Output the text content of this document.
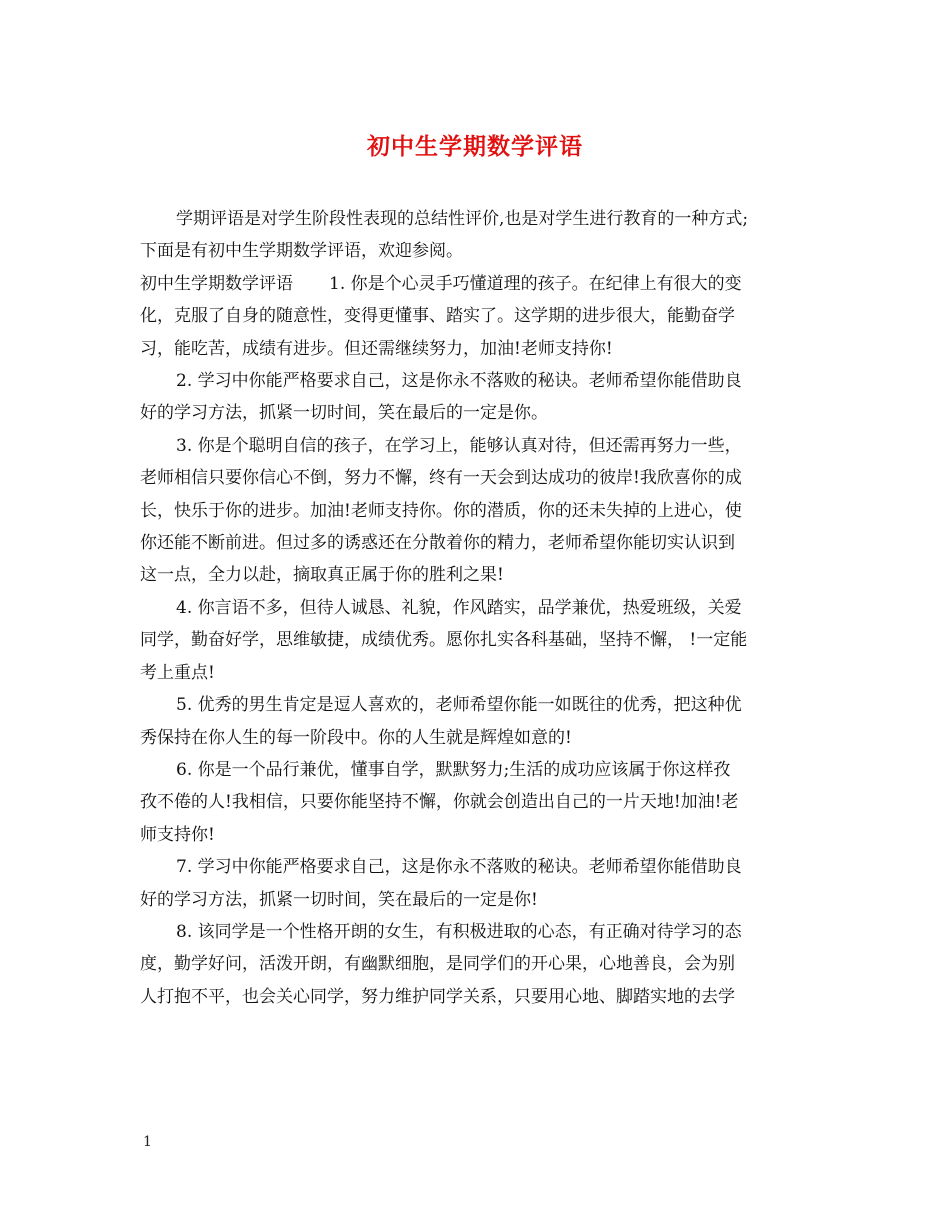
初中生学期数学评语
学期评语是对学生阶段性表现的总结性评价,也是对学生进行教育的一种方式;
下面是有初中生学期数学评语，欢迎参阅。
初中生学期数学评语 1. 你是个心灵手巧懂道理的孩子。在纪律上有很大的变
化，克服了自身的随意性，变得更懂事、踏实了。这学期的进步很大，能勤奋学
习，能吃苦，成绩有进步。但还需继续努力，加油!老师支持你!
2. 学习中你能严格要求自己，这是你永不落败的秘诀。老师希望你能借助良
好的学习方法，抓紧一切时间，笑在最后的一定是你。
3. 你是个聪明自信的孩子，在学习上，能够认真对待，但还需再努力一些，
老师相信只要你信心不倒，努力不懈，终有一天会到达成功的彼岸!我欣喜你的成
长，快乐于你的进步。加油!老师支持你。你的潜质，你的还未失掉的上进心，使
你还能不断前进。但过多的诱惑还在分散着你的精力，老师希望你能切实认识到
这一点，全力以赴，摘取真正属于你的胜利之果!
4. 你言语不多，但待人诚恳、礼貌，作风踏实，品学兼优，热爱班级，关爱
同学，勤奋好学，思维敏捷，成绩优秀。愿你扎实各科基础，坚持不懈， !一定能
考上重点!
5. 优秀的男生肯定是逗人喜欢的，老师希望你能一如既往的优秀，把这种优
秀保持在你人生的每一阶段中。你的人生就是辉煌如意的!
6. 你是一个品行兼优，懂事自学，默默努力;生活的成功应该属于你这样孜
孜不倦的人!我相信，只要你能坚持不懈，你就会创造出自己的一片天地!加油!老
师支持你!
7. 学习中你能严格要求自己，这是你永不落败的秘诀。老师希望你能借助良
好的学习方法，抓紧一切时间，笑在最后的一定是你!
8. 该同学是一个性格开朗的女生，有积极进取的心态，有正确对待学习的态
度，勤学好问，活泼开朗，有幽默细胞，是同学们的开心果，心地善良，会为别
人打抱不平，也会关心同学，努力维护同学关系，只要用心地、脚踏实地的去学
1
